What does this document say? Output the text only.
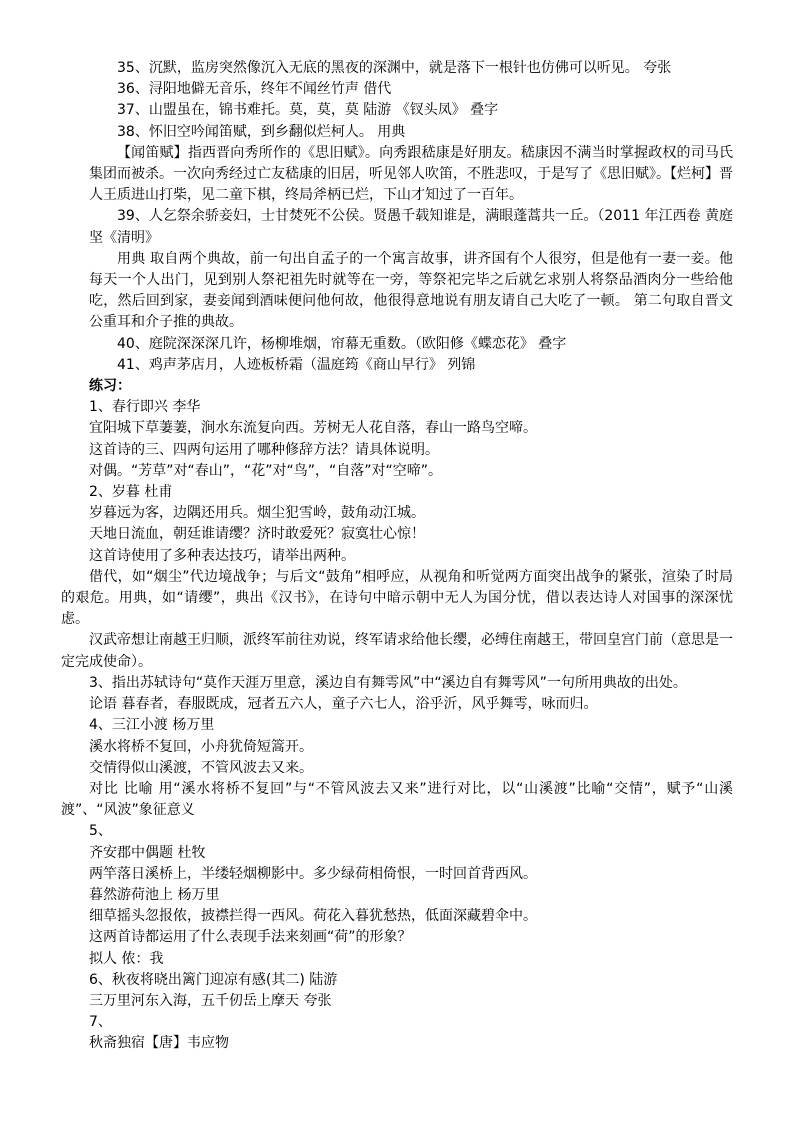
35、沉默，监房突然像沉入无底的黑夜的深渊中，就是落下一根针也仿佛可以听见。 夸张

36、浔阳地僻无音乐，终年不闻丝竹声 借代

37、山盟虽在，锦书难托。莫，莫，莫 陆游 《钗头凤》 叠字

38、怀旧空吟闻笛赋，到乡翻似烂柯人。 用典

【闻笛赋】指西晋向秀所作的《思旧赋》。向秀跟嵇康是好朋友。嵇康因不满当时掌握政权的司马氏集团而被杀。一次向秀经过亡友嵇康的旧居，听见邻人吹笛，不胜悲叹，于是写了《思旧赋》。【烂柯】晋人王质进山打柴，见二童下棋，终局斧柄已烂，下山才知过了一百年。

39、人乞祭余骄妾妇，士甘焚死不公侯。贤愚千载知谁是，满眼蓬蒿共一丘。（2011 年江西卷 黄庭坚《清明》

用典 取自两个典故，前一句出自孟子的一个寓言故事，讲齐国有个人很穷，但是他有一妻一妾。他每天一个人出门，见到别人祭祀祖先时就等在一旁，等祭祀完毕之后就乞求别人将祭品酒肉分一些给他吃，然后回到家，妻妾闻到酒味便问他何故，他很得意地说有朋友请自己大吃了一顿。 第二句取自晋文公重耳和介子推的典故。

40、庭院深深深几许，杨柳堆烟，帘幕无重数。（欧阳修《蝶恋花》 叠字

41、鸡声茅店月，人迹板桥霜（温庭筠《商山早行》 列锦

练习：

1、春行即兴 李华

宜阳城下草萋萋，涧水东流复向西。芳树无人花自落，春山一路鸟空啼。

这首诗的三、四两句运用了哪种修辞方法？请具体说明。

对偶。“芳草”对“春山”，“花”对“鸟”，“自落”对“空啼”。

2、岁暮 杜甫

岁暮远为客，边隅还用兵。烟尘犯雪岭，鼓角动江城。

天地日流血，朝廷谁请缨？济时敢爱死？寂寞壮心惊！

这首诗使用了多种表达技巧，请举出两种。

借代，如“烟尘”代边境战争；与后文“鼓角”相呼应，从视角和听觉两方面突出战争的紧张，渲染了时局的艰危。用典，如“请缨”，典出《汉书》，在诗句中暗示朝中无人为国分忧，借以表达诗人对国事的深深忧虑。

汉武帝想让南越王归顺，派终军前往劝说，终军请求给他长缨，必缚住南越王，带回皇宫门前（意思是一定完成使命）。

3、指出苏轼诗句“莫作天涯万里意，溪边自有舞雩风”中“溪边自有舞雩风”一句所用典故的出处。

论语 暮春者，春服既成，冠者五六人，童子六七人，浴乎沂，风乎舞雩，咏而归。

4、三江小渡 杨万里

溪水将桥不复回，小舟犹倚短篙开。

交情得似山溪渡，不管风波去又来。

对比 比喻 用“溪水将桥不复回”与“不管风波去又来”进行对比，以“山溪渡”比喻“交情”，赋予“山溪渡”、“风波”象征意义

5、

齐安郡中偶题 杜牧

两竿落日溪桥上，半缕轻烟柳影中。多少绿荷相倚恨，一时回首背西风。

暮然游荷池上 杨万里

细草摇头忽报侬，披襟拦得一西风。荷花入暮犹愁热，低面深藏碧伞中。

这两首诗都运用了什么表现手法来刻画“荷”的形象？

拟人 侬：我

6、秋夜将晓出篱门迎凉有感(其二) 陆游

三万里河东入海，五千仞岳上摩天 夸张

7、

秋斋独宿【唐】韦应物
